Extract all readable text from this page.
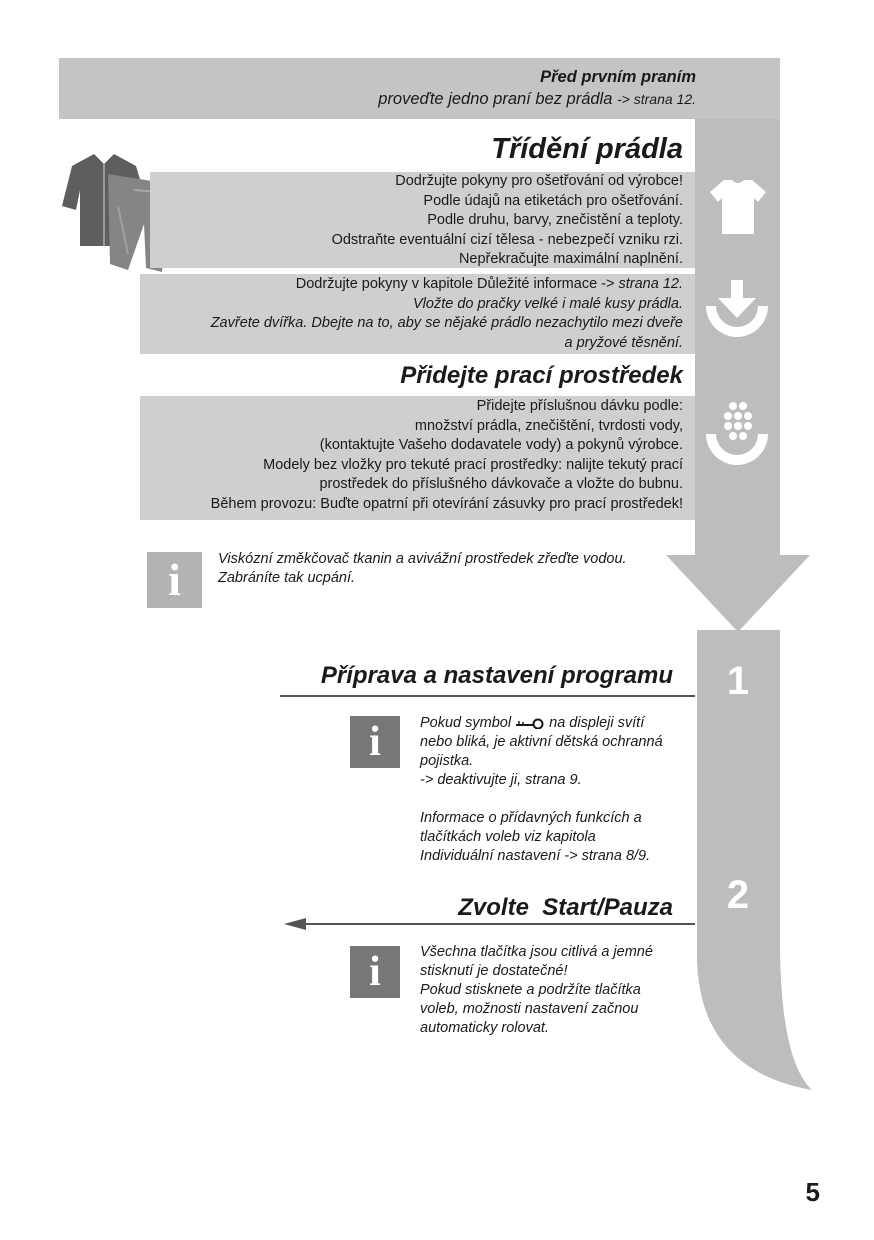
Před prvním praním
proveďte jedno praní bez prádla -> strana 12.
Třídění prádla

Dodržujte pokyny pro ošetřování od výrobce!

Podle údajů na etiketách pro ošetřování.

Podle druhu, barvy, znečistění a teploty.

Odstraňte eventuální cizí tělesa - nebezpečí vzniku rzi.

Nepřekračujte maximální naplnění.

Dodržujte pokyny v kapitole Důležité informace -> strana 12.

Vložte do pračky velké i malé kusy prádla.

Zavřete dvířka. Dbejte na to, aby se nějaké prádlo nezachytilo mezi dveře

a pryžové těsnění.

Přidejte prací prostředek

Přidejte příslušnou dávku podle:

množství prádla, znečištění, tvrdosti vody,

(kontaktujte Vašeho dodavatele vody) a pokynů výrobce.

Modely bez vložky pro tekuté prací prostředky: nalijte tekutý prací

prostředek do příslušného dávkovače a vložte do bubnu.

Během provozu: Buďte opatrní při otevírání zásuvky pro prací prostředek!

i	Viskózní změkčovač tkanin a avivážní prostředek zřeďte vodou.

Zabráníte tak ucpání.

1
Příprava a nastavení programu
i	Pokud symbol	na displeji svítí

nebo bliká, je aktivní dětská ochranná

pojistka.

-> deaktivujte ji, strana 9.

Informace o přídavných funkcích a

tlačítkách voleb viz kapitola

Individuální nastavení -> strana 8/9.

2
Zvolte  Start/Pauza
i	Všechna tlačítka jsou citlivá a jemné

stisknutí je dostatečné!

Pokud stisknete a podržíte tlačítka

voleb, možnosti nastavení začnou

automaticky rolovat.

5
